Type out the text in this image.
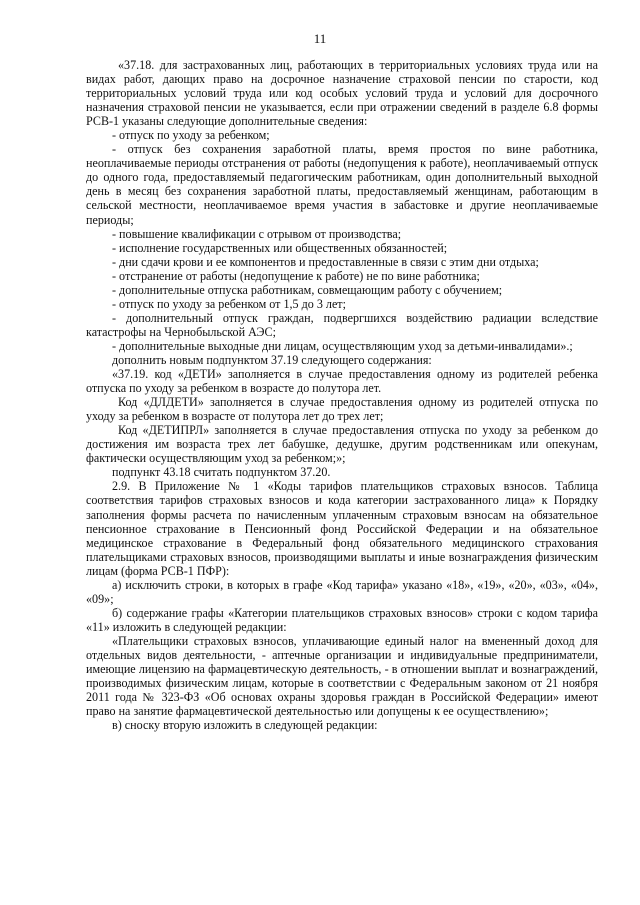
11

«37.18. для застрахованных лиц, работающих в территориальных условиях труда или на видах работ, дающих право на досрочное назначение страховой пенсии по старости, код территориальных условий труда или код особых условий труда и условий для досрочного назначения страховой пенсии не указывается, если при отражении сведений в разделе 6.8 формы РСВ-1 указаны следующие дополнительные сведения:

- отпуск по уходу за ребенком;

- отпуск без сохранения заработной платы, время простоя по вине работника, неоплачиваемые периоды отстранения от работы (недопущения к работе), неоплачиваемый отпуск до одного года, предоставляемый педагогическим работникам, один дополнительный выходной день в месяц без сохранения заработной платы, предоставляемый женщинам, работающим в сельской местности, неоплачиваемое время участия в забастовке и другие неоплачиваемые периоды;

- повышение квалификации с отрывом от производства;

- исполнение государственных или общественных обязанностей;

- дни сдачи крови и ее компонентов и предоставленные в связи с этим дни отдыха;

- отстранение от работы (недопущение к работе) не по вине работника;

- дополнительные отпуска работникам, совмещающим работу с обучением;

- отпуск по уходу за ребенком от 1,5 до 3 лет;

- дополнительный отпуск граждан, подвергшихся воздействию радиации вследствие катастрофы на Чернобыльской АЭС;

- дополнительные выходные дни лицам, осуществляющим уход за детьми-инвалидами».;

дополнить новым подпунктом 37.19 следующего содержания:

«37.19. код «ДЕТИ» заполняется в случае предоставления одному из родителей ребенка отпуска по уходу за ребенком в возрасте до полутора лет.

Код «ДЛДЕТИ» заполняется в случае предоставления одному из родителей отпуска по уходу за ребенком в возрасте от полутора лет до трех лет;

Код «ДЕТИПРЛ» заполняется в случае предоставления отпуска по уходу за ребенком до достижения им возраста трех лет бабушке, дедушке, другим родственникам или опекунам, фактически осуществляющим уход за ребенком;»;

подпункт 43.18 считать подпунктом 37.20.

2.9. В Приложение № 1 «Коды тарифов плательщиков страховых взносов. Таблица соответствия тарифов страховых взносов и кода категории застрахованного лица» к Порядку заполнения формы расчета по начисленным уплаченным страховым взносам на обязательное пенсионное страхование в Пенсионный фонд Российской Федерации и на обязательное медицинское страхование в Федеральный фонд обязательного медицинского страхования плательщиками страховых взносов, производящими выплаты и иные вознаграждения физическим лицам (форма РСВ-1 ПФР):

а) исключить строки, в которых в графе «Код тарифа» указано «18», «19», «20», «03», «04», «09»;

б) содержание графы «Категории плательщиков страховых взносов» строки с кодом тарифа «11» изложить в следующей редакции:

«Плательщики страховых взносов, уплачивающие единый налог на вмененный доход для отдельных видов деятельности, - аптечные организации и индивидуальные предприниматели, имеющие лицензию на фармацевтическую деятельность, - в отношении выплат и вознаграждений, производимых физическим лицам, которые в соответствии с Федеральным законом от 21 ноября 2011 года № 323-ФЗ «Об основах охраны здоровья граждан в Российской Федерации» имеют право на занятие фармацевтической деятельностью или допущены к ее осуществлению»;

в) сноску вторую изложить в следующей редакции:
